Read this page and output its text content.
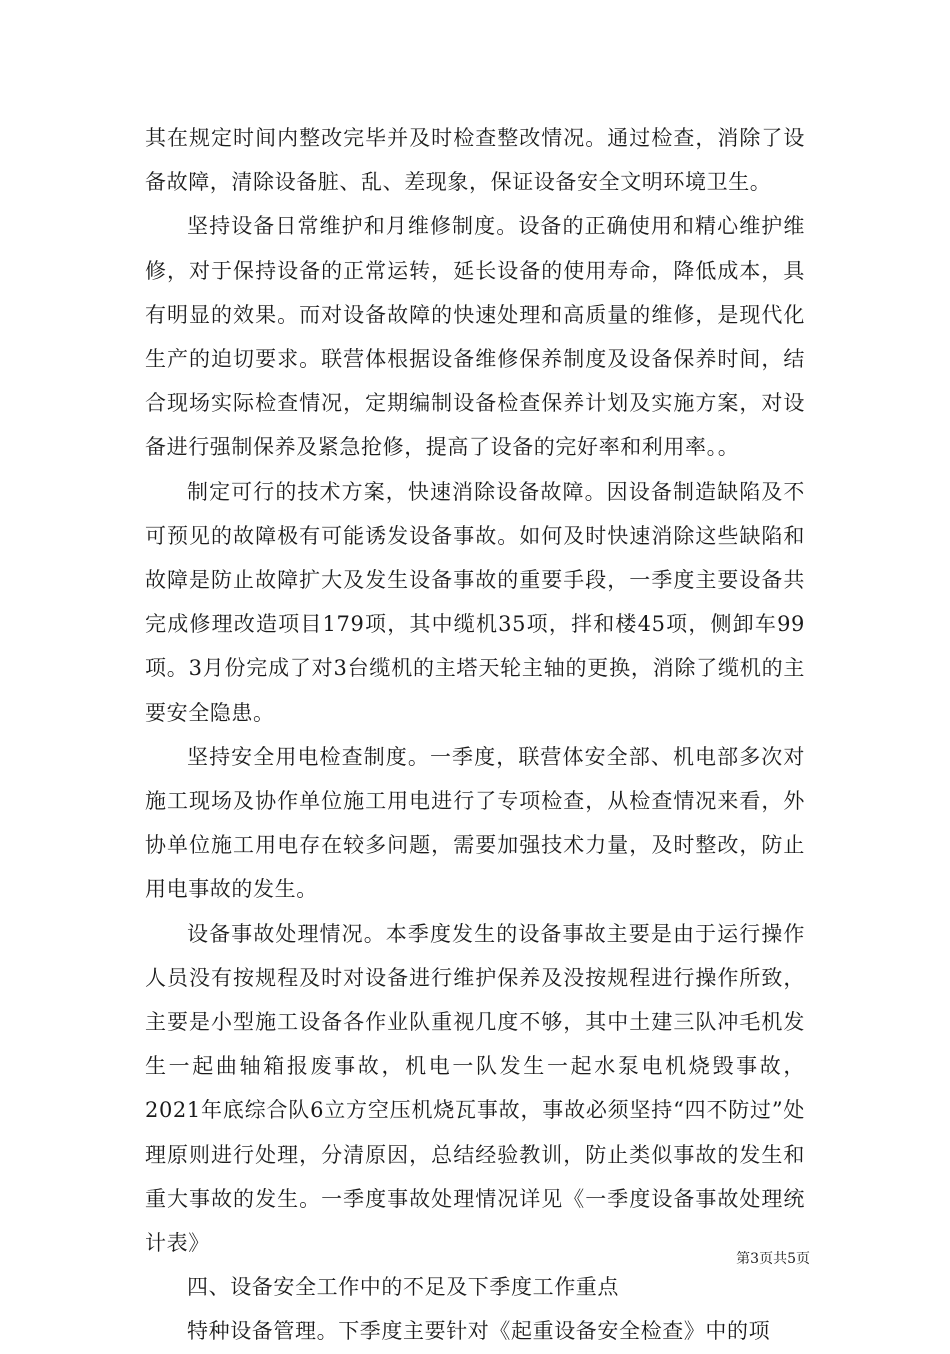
其在规定时间内整改完毕并及时检查整改情况。通过检查，消除了设备故障，清除设备脏、乱、差现象，保证设备安全文明环境卫生。

坚持设备日常维护和月维修制度。设备的正确使用和精心维护维修，对于保持设备的正常运转，延长设备的使用寿命，降低成本，具有明显的效果。而对设备故障的快速处理和高质量的维修，是现代化生产的迫切要求。联营体根据设备维修保养制度及设备保养时间，结合现场实际检查情况，定期编制设备检查保养计划及实施方案，对设备进行强制保养及紧急抢修，提高了设备的完好率和利用率。。

制定可行的技术方案，快速消除设备故障。因设备制造缺陷及不可预见的故障极有可能诱发设备事故。如何及时快速消除这些缺陷和故障是防止故障扩大及发生设备事故的重要手段，一季度主要设备共完成修理改造项目179项，其中缆机35项，拌和楼45项，侧卸车99项。3月份完成了对3台缆机的主塔天轮主轴的更换，消除了缆机的主要安全隐患。

坚持安全用电检查制度。一季度，联营体安全部、机电部多次对施工现场及协作单位施工用电进行了专项检查，从检查情况来看，外协单位施工用电存在较多问题，需要加强技术力量，及时整改，防止用电事故的发生。

设备事故处理情况。本季度发生的设备事故主要是由于运行操作人员没有按规程及时对设备进行维护保养及没按规程进行操作所致，主要是小型施工设备各作业队重视几度不够，其中土建三队冲毛机发生一起曲轴箱报废事故，机电一队发生一起水泵电机烧毁事故，2021年底综合队6立方空压机烧瓦事故，事故必须坚持“四不防过”处理原则进行处理，分清原因，总结经验教训，防止类似事故的发生和重大事故的发生。一季度事故处理情况详见《一季度设备事故处理统计表》

四、设备安全工作中的不足及下季度工作重点

特种设备管理。下季度主要针对《起重设备安全检查》中的项

第3页共5页
